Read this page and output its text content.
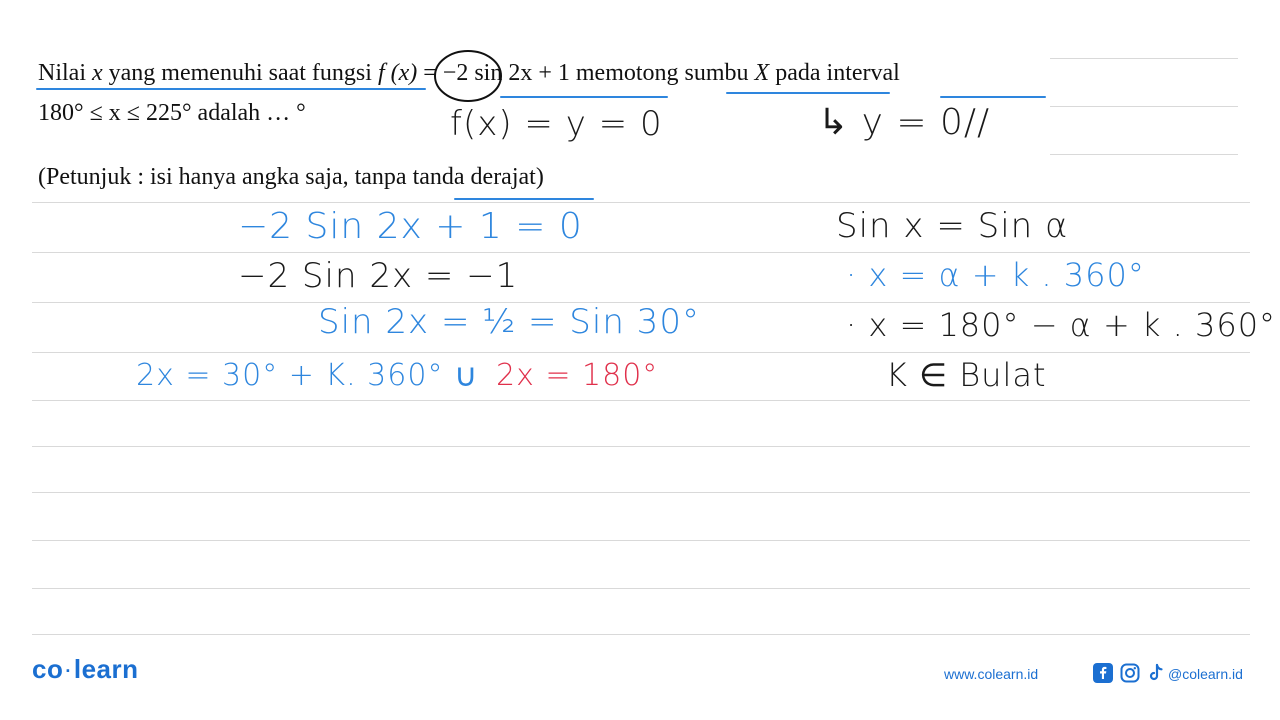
Nilai x yang memenuhi saat fungsi f (x) = −2 sin 2x + 1 memotong sumbu X pada interval
180° ≤ x ≤ 225° adalah … °
(Petunjuk : isi hanya angka saja, tanpa tanda derajat)
f(x) = y = 0	↳ y = 0//
−2 Sin 2x + 1 = 0
−2 Sin 2x = −1
Sin 2x = ½ = Sin 30°
2x = 30° + K. 360° ∪ 2x = 180°
Sin x = Sin α
· x = α + k . 360°
· x = 180° − α + k . 360°
K ∈ Bulat
co ·learn	www.colearn.id	@colearn.id
